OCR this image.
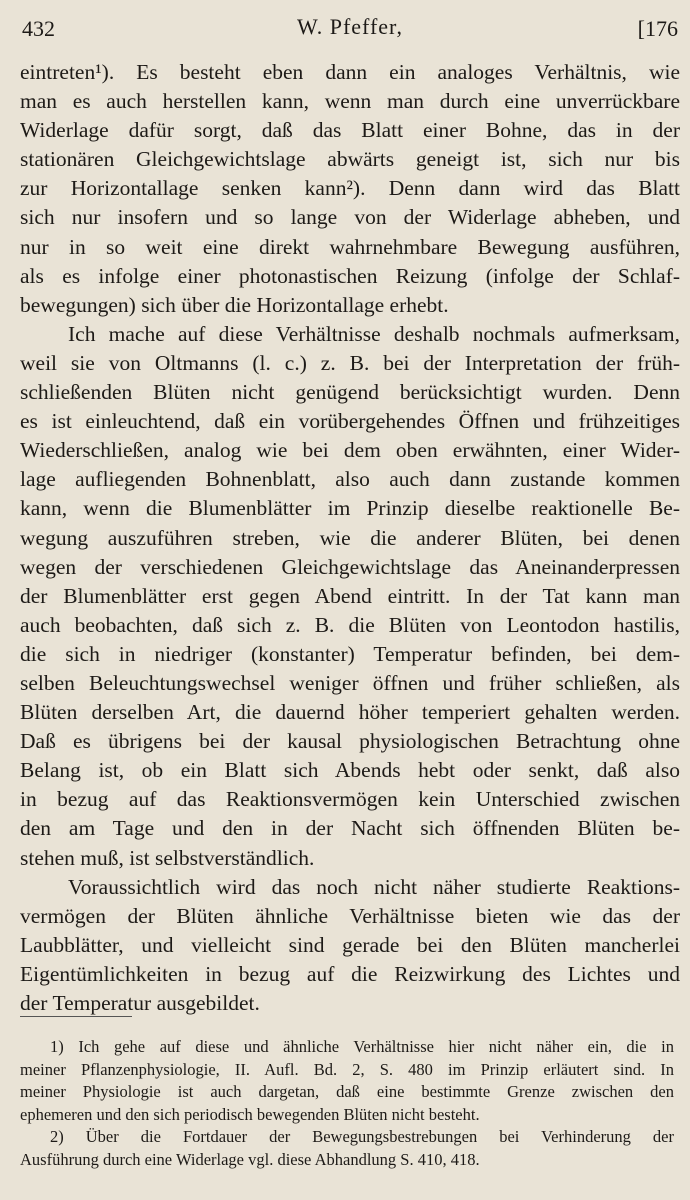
432	W. Pfeffer,	[176
eintreten¹). Es besteht eben dann ein analoges Verhältnis, wie
man es auch herstellen kann, wenn man durch eine unverrückbare
Widerlage dafür sorgt, daß das Blatt einer Bohne, das in der
stationären Gleichgewichtslage abwärts geneigt ist, sich nur bis
zur Horizontallage senken kann²). Denn dann wird das Blatt
sich nur insofern und so lange von der Widerlage abheben, und
nur in so weit eine direkt wahrnehmbare Bewegung ausführen,
als es infolge einer photonastischen Reizung (infolge der Schlaf-
bewegungen) sich über die Horizontallage erhebt.
Ich mache auf diese Verhältnisse deshalb nochmals aufmerksam,
weil sie von Oltmanns (l. c.) z. B. bei der Interpretation der früh-
schließenden Blüten nicht genügend berücksichtigt wurden. Denn
es ist einleuchtend, daß ein vorübergehendes Öffnen und frühzeitiges
Wiederschließen, analog wie bei dem oben erwähnten, einer Wider-
lage aufliegenden Bohnenblatt, also auch dann zustande kommen
kann, wenn die Blumenblätter im Prinzip dieselbe reaktionelle Be-
wegung auszuführen streben, wie die anderer Blüten, bei denen
wegen der verschiedenen Gleichgewichtslage das Aneinanderpressen
der Blumenblätter erst gegen Abend eintritt. In der Tat kann man
auch beobachten, daß sich z. B. die Blüten von Leontodon hastilis,
die sich in niedriger (konstanter) Temperatur befinden, bei dem-
selben Beleuchtungswechsel weniger öffnen und früher schließen, als
Blüten derselben Art, die dauernd höher temperiert gehalten werden.
Daß es übrigens bei der kausal physiologischen Betrachtung ohne
Belang ist, ob ein Blatt sich Abends hebt oder senkt, daß also
in bezug auf das Reaktionsvermögen kein Unterschied zwischen
den am Tage und den in der Nacht sich öffnenden Blüten be-
stehen muß, ist selbstverständlich.
Voraussichtlich wird das noch nicht näher studierte Reaktions-
vermögen der Blüten ähnliche Verhältnisse bieten wie das der
Laubblätter, und vielleicht sind gerade bei den Blüten mancherlei
Eigentümlichkeiten in bezug auf die Reizwirkung des Lichtes und
der Temperatur ausgebildet.
1) Ich gehe auf diese und ähnliche Verhältnisse hier nicht näher ein, die in
meiner Pflanzenphysiologie, II. Aufl. Bd. 2, S. 480 im Prinzip erläutert sind. In
meiner Physiologie ist auch dargetan, daß eine bestimmte Grenze zwischen den
ephemeren und den sich periodisch bewegenden Blüten nicht besteht.
2) Über die Fortdauer der Bewegungsbestrebungen bei Verhinderung der
Ausführung durch eine Widerlage vgl. diese Abhandlung S. 410, 418.
